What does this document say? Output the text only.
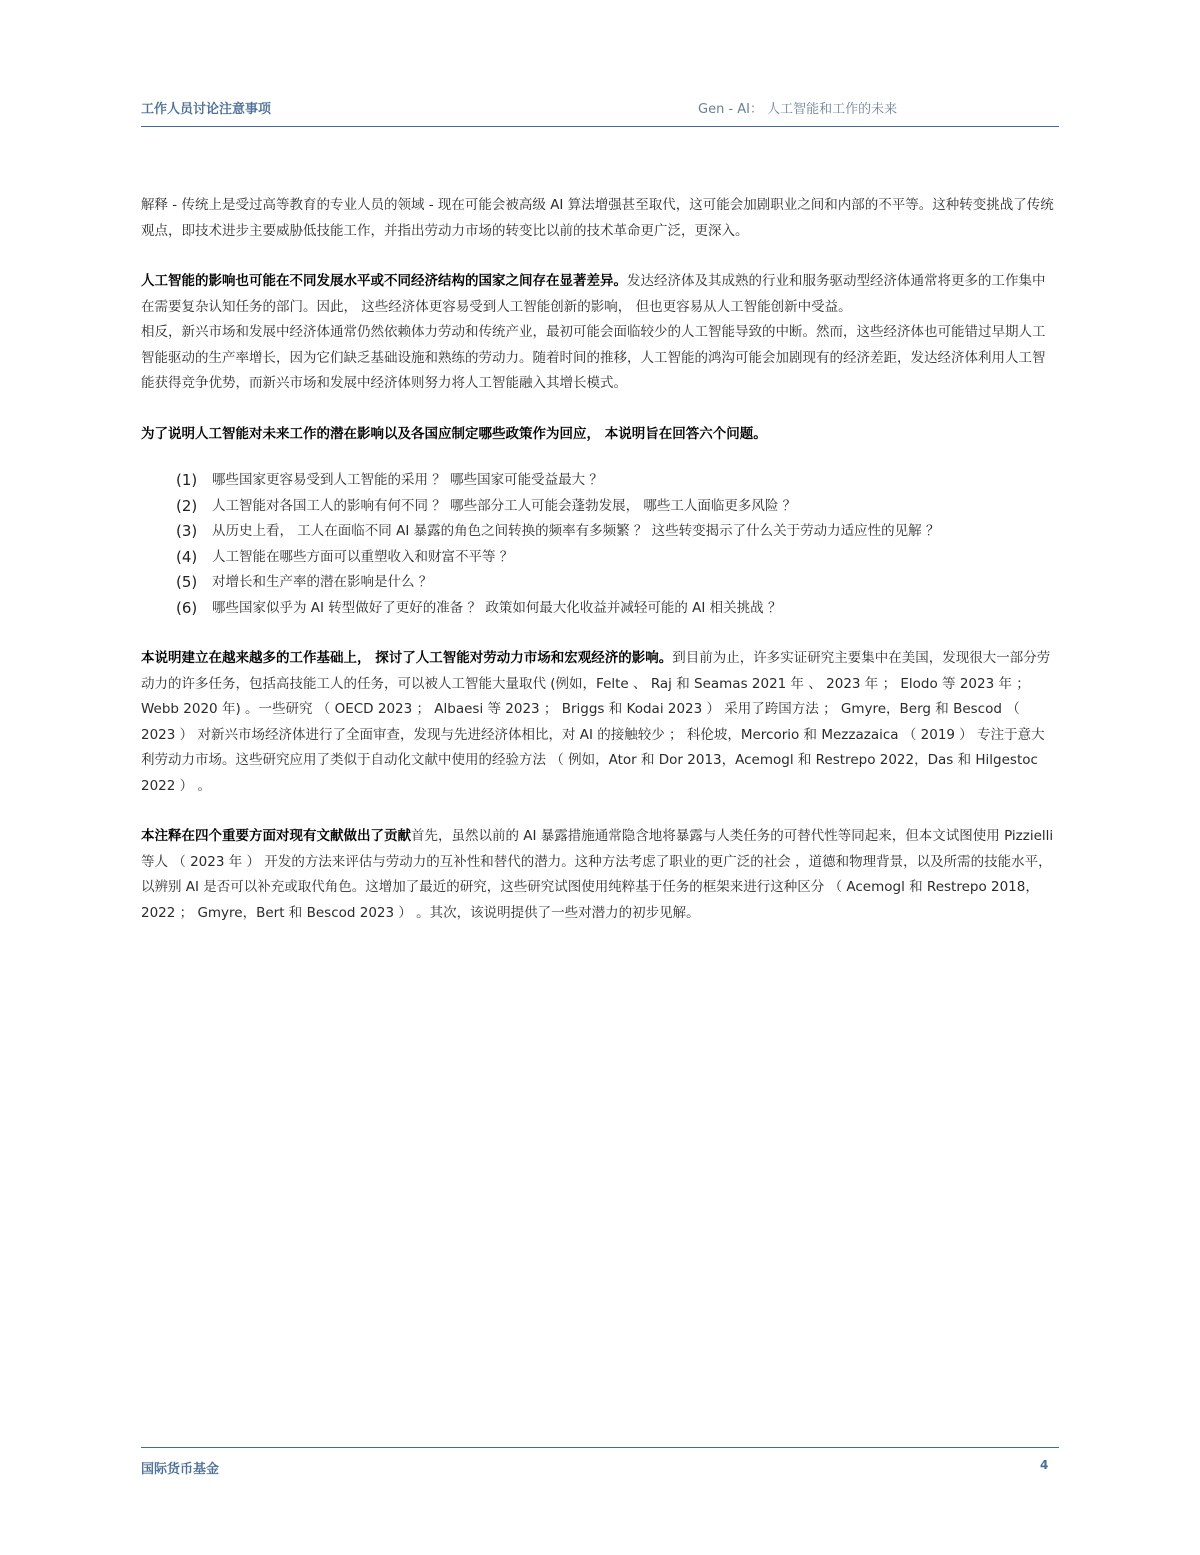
工作人员讨论注意事项	Gen - AI： 人工智能和工作的未来

解释 - 传统上是受过高等教育的专业人员的领域 - 现在可能会被高级 AI 算法增强甚至取代，这可能会加剧职业之间和内部的不平等。这种转变挑战了传统观点，即技术进步主要威胁低技能工作，并指出劳动力市场的转变比以前的技术革命更广泛，更深入。

人工智能的影响也可能在不同发展水平或不同经济结构的国家之间存在显著差异。发达经济体及其成熟的行业和服务驱动型经济体通常将更多的工作集中在需要复杂认知任务的部门。因此， 这些经济体更容易受到人工智能创新的影响， 但也更容易从人工智能创新中受益。

相反，新兴市场和发展中经济体通常仍然依赖体力劳动和传统产业，最初可能会面临较少的人工智能导致的中断。然而，这些经济体也可能错过早期人工智能驱动的生产率增长，因为它们缺乏基础设施和熟练的劳动力。随着时间的推移，人工智能的鸿沟可能会加剧现有的经济差距，发达经济体利用人工智能获得竞争优势，而新兴市场和发展中经济体则努力将人工智能融入其增长模式。

为了说明人工智能对未来工作的潜在影响以及各国应制定哪些政策作为回应， 本说明旨在回答六个问题。

(1)	哪些国家更容易受到人工智能的采用 ？ 哪些国家可能受益最大 ？
(2)	人工智能对各国工人的影响有何不同 ？ 哪些部分工人可能会蓬勃发展， 哪些工人面临更多风险 ？
(3)	从历史上看， 工人在面临不同 AI 暴露的角色之间转换的频率有多频繁 ？ 这些转变揭示了什么关于劳动力适应性的见解 ？
(4)	人工智能在哪些方面可以重塑收入和财富不平等 ？
(5)	对增长和生产率的潜在影响是什么 ？
(6)	哪些国家似乎为 AI 转型做好了更好的准备 ？ 政策如何最大化收益并减轻可能的 AI 相关挑战 ？

本说明建立在越来越多的工作基础上， 探讨了人工智能对劳动力市场和宏观经济的影响。到目前为止，许多实证研究主要集中在美国，发现很大一部分劳动力的许多任务，包括高技能工人的任务，可以被人工智能大量取代 (例如，Felte 、 Raj 和 Seamas 2021 年 、 2023 年 ； Elodo 等 2023 年 ； Webb 2020 年) 。一些研究 （ OECD 2023 ； Albaesi 等 2023 ； Briggs 和 Kodai 2023 ） 采用了跨国方法 ； Gmyre，Berg 和 Bescod （ 2023 ） 对新兴市场经济体进行了全面审查，发现与先进经济体相比，对 AI 的接触较少 ； 科伦坡，Mercorio 和 Mezzazaica （ 2019 ） 专注于意大利劳动力市场。这些研究应用了类似于自动化文献中使用的经验方法 （ 例如，Ator 和 Dor 2013，Acemogl 和 Restrepo 2022，Das 和 Hilgestoc 2022 ） 。

本注释在四个重要方面对现有文献做出了贡献首先，虽然以前的 AI 暴露措施通常隐含地将暴露与人类任务的可替代性等同起来，但本文试图使用 Pizzielli 等人 （ 2023 年 ） 开发的方法来评估与劳动力的互补性和替代的潜力。这种方法考虑了职业的更广泛的社会 ，道德和物理背景，以及所需的技能水平，以辨别 AI 是否可以补充或取代角色。这增加了最近的研究，这些研究试图使用纯粹基于任务的框架来进行这种区分 （ Acemogl 和 Restrepo 2018，2022 ； Gmyre，Bert 和 Bescod 2023 ） 。其次，该说明提供了一些对潜力的初步见解。

国际货币基金	4
